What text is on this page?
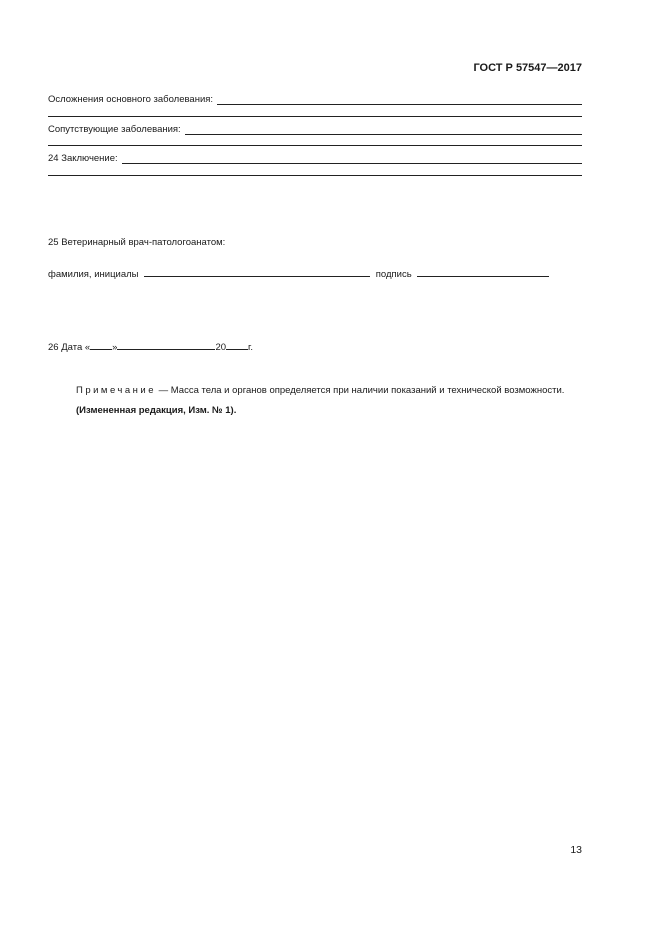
ГОСТ Р 57547—2017
Осложнения основного заболевания:
Сопутствующие заболевания:
24 Заключение:
25 Ветеринарный врач-патологоанатом:
фамилия, инициалы	подпись
26 Дата « »	20 г.
Примечание — Масса тела и органов определяется при наличии показаний и технической возможности.
(Измененная редакция, Изм. № 1).
13
